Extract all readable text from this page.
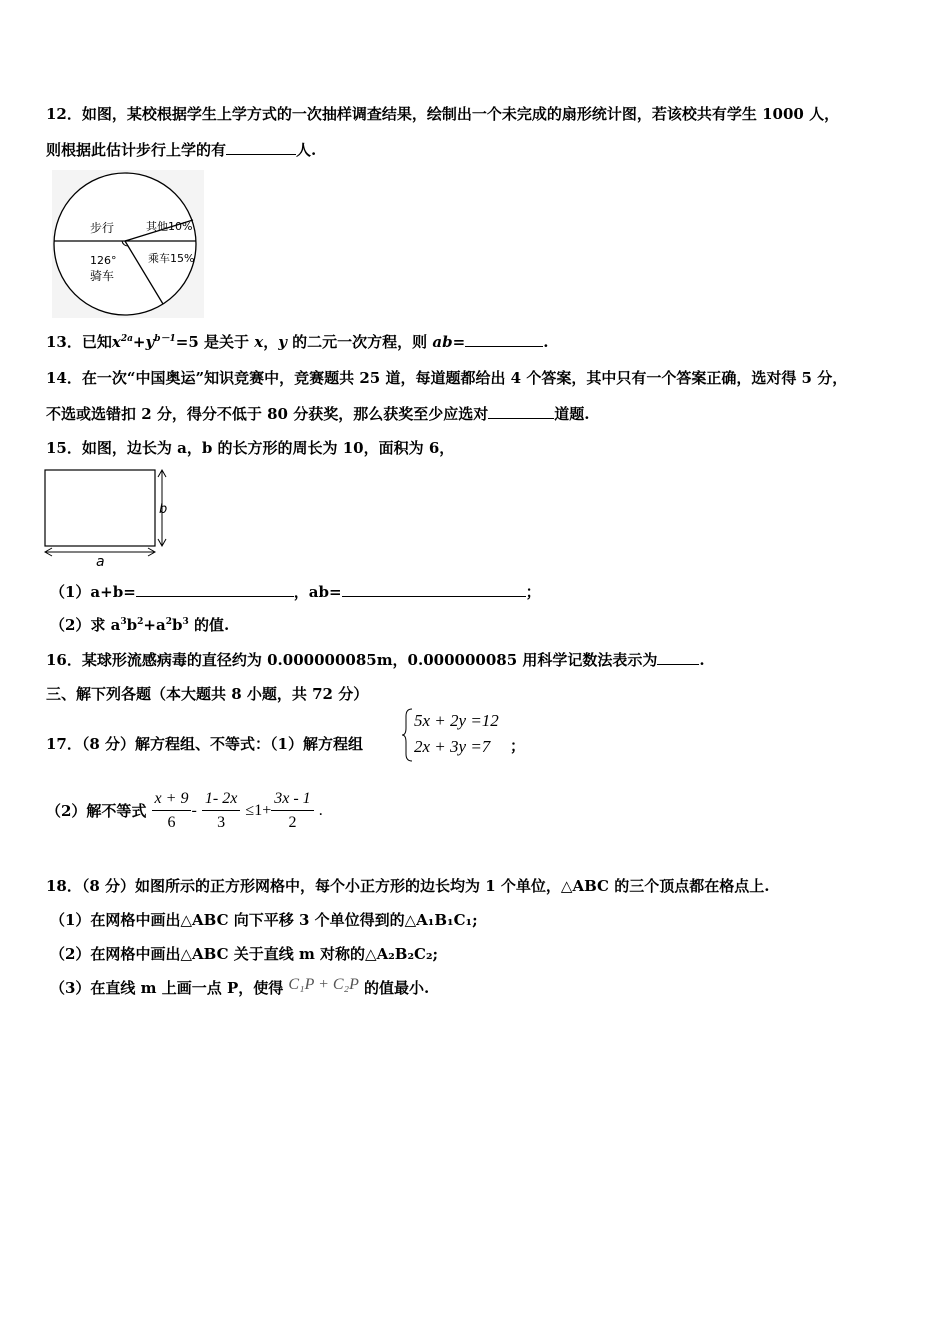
12．如图，某校根据学生上学方式的一次抽样调查结果，绘制出一个未完成的扇形统计图，若该校共有学生 1000 人，
则根据此估计步行上学的有	人.
步行	其他10%
乘车15%
126°
骑车
13．已知$x^{2a}+y^{b-1}=5$ 是关于 x，y 的二元一次方程，则 ab=	.
14．在一次“中国奥运”知识竞赛中，竞赛题共 25 道，每道题都给出 4 个答案，其中只有一个答案正确，选对得 5 分，
不选或选错扣 2 分，得分不低于 80 分获奖，那么获奖至少应选对	道题.
15．如图，边长为 a，b 的长方形的周长为 10，面积为 6，
b
a
（1）a+b=	，ab=	；
（2）求 $a^3b^2+a^2b^3$ 的值.
16．某球形流感病毒的直径约为 0.000000085m，0.000000085 用科学记数法表示为	.
三、解下列各题（本大题共 8 小题，共 72 分）
17．（8 分）解方程组、不等式：（1）解方程组
5x + 2y =12
2x + 3y =7	；
（2）解不等式 $\frac{x + 9}{6} - \frac{1- 2x}{3} \le 1+ \frac{3x - 1}{2}$ .
18．（8 分）如图所示的正方形网格中，每个小正方形的边长均为 1 个单位，△ABC 的三个顶点都在格点上.
（1）在网格中画出△ABC 向下平移 3 个单位得到的△A₁B₁C₁;
（2）在网格中画出△ABC 关于直线 m 对称的△A₂B₂C₂;
（3）在直线 m 上画一点 P，使得 C₁P + C₂P 的值最小.
